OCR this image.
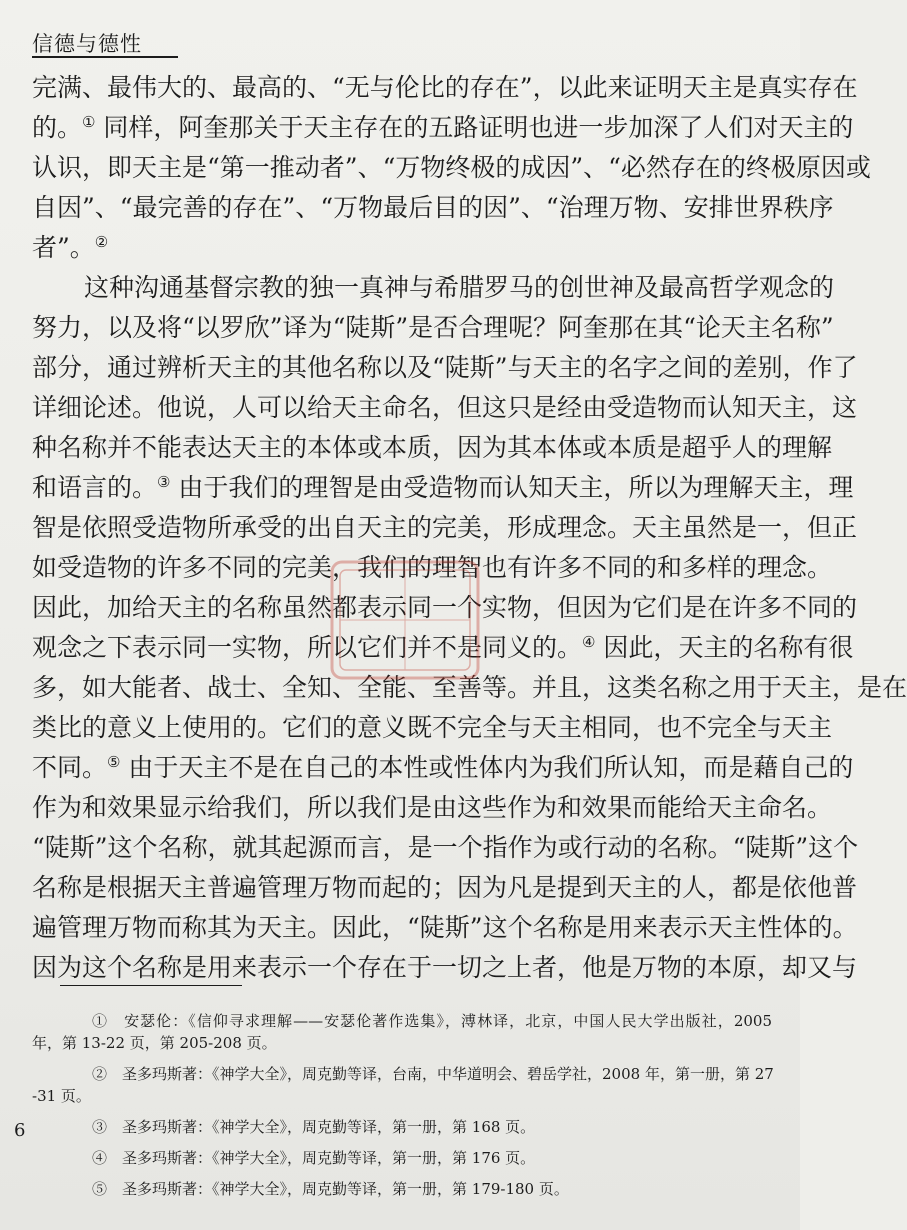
信德与德性
完满、最伟大的、最高的、“无与伦比的存在”，以此来证明天主是真实存在
的。① 同样，阿奎那关于天主存在的五路证明也进一步加深了人们对天主的
认识，即天主是“第一推动者”、“万物终极的成因”、“必然存在的终极原因或
自因”、“最完善的存在”、“万物最后目的因”、“治理万物、安排世界秩序
者”。②
这种沟通基督宗教的独一真神与希腊罗马的创世神及最高哲学观念的
努力，以及将“以罗欣”译为“陡斯”是否合理呢？阿奎那在其“论天主名称”
部分，通过辨析天主的其他名称以及“陡斯”与天主的名字之间的差别，作了
详细论述。他说，人可以给天主命名，但这只是经由受造物而认知天主，这
种名称并不能表达天主的本体或本质，因为其本体或本质是超乎人的理解
和语言的。③ 由于我们的理智是由受造物而认知天主，所以为理解天主，理
智是依照受造物所承受的出自天主的完美，形成理念。天主虽然是一，但正
如受造物的许多不同的完美，我们的理智也有许多不同的和多样的理念。
因此，加给天主的名称虽然都表示同一个实物，但因为它们是在许多不同的
观念之下表示同一实物，所以它们并不是同义的。④ 因此，天主的名称有很
多，如大能者、战士、全知、全能、至善等。并且，这类名称之用于天主，是在
类比的意义上使用的。它们的意义既不完全与天主相同，也不完全与天主
不同。⑤ 由于天主不是在自己的本性或性体内为我们所认知，而是藉自己的
作为和效果显示给我们，所以我们是由这些作为和效果而能给天主命名。
“陡斯”这个名称，就其起源而言，是一个指作为或行动的名称。“陡斯”这个
名称是根据天主普遍管理万物而起的；因为凡是提到天主的人，都是依他普
遍管理万物而称其为天主。因此，“陡斯”这个名称是用来表示天主性体的。
因为这个名称是用来表示一个存在于一切之上者，他是万物的本原，却又与
①　安瑟伦：《信仰寻求理解——安瑟伦著作选集》，溥林译，北京，中国人民大学出版社，2005
年，第 13-22 页，第 205-208 页。
②　圣多玛斯著：《神学大全》，周克勤等译，台南，中华道明会、碧岳学社，2008 年，第一册，第 27
-31 页。
③　圣多玛斯著：《神学大全》，周克勤等译，第一册，第 168 页。
④　圣多玛斯著：《神学大全》，周克勤等译，第一册，第 176 页。
⑤　圣多玛斯著：《神学大全》，周克勤等译，第一册，第 179-180 页。
6
